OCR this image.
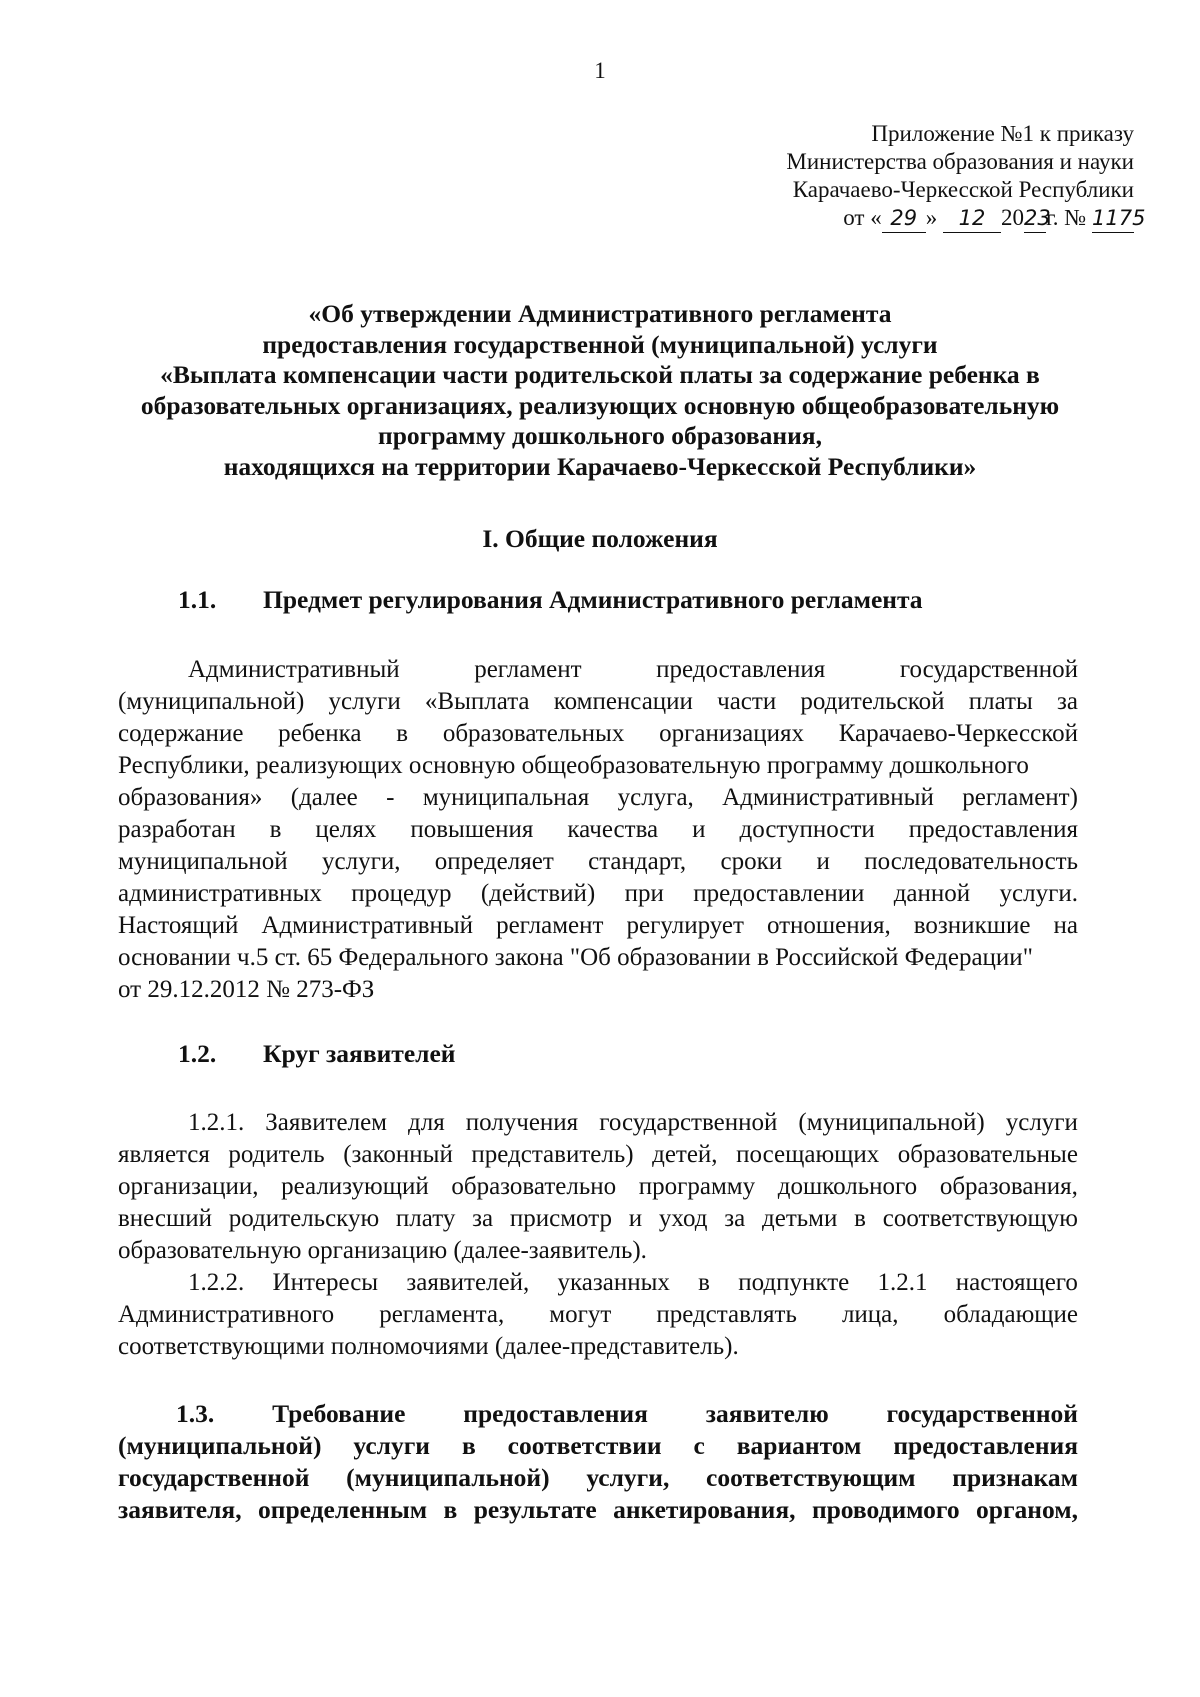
1
Приложение №1 к приказу
Министерства образования и науки
Карачаево-Черкесской Республики
от « 29 » 12 2023г. № 1175
«Об утверждении Административного регламента
предоставления государственной (муниципальной) услуги
«Выплата компенсации части родительской платы за содержание ребенка в
образовательных организациях, реализующих основную общеобразовательную
программу дошкольного образования,
находящихся на территории Карачаево-Черкесской Республики»
I. Общие положения
1.1. Предмет регулирования Административного регламента
Административный	регламент	предоставления	государственной
(муниципальной) услуги «Выплата компенсации части родительской платы за
содержание ребенка в образовательных организациях Карачаево-Черкесской
Республики, реализующих основную общеобразовательную программу дошкольного
образования» (далее - муниципальная услуга, Административный регламент)
разработан в целях повышения качества и доступности предоставления
муниципальной услуги, определяет стандарт, сроки и последовательность
административных процедур (действий) при предоставлении данной услуги.
Настоящий Административный регламент регулирует отношения, возникшие на
основании ч.5 ст. 65 Федерального закона "Об образовании в Российской Федерации"
от 29.12.2012 № 273-ФЗ
1.2. Круг заявителей
1.2.1. Заявителем для получения государственной (муниципальной) услуги
является родитель (законный представитель) детей, посещающих образовательные
организации, реализующий образовательно программу дошкольного образования,
внесший родительскую плату за присмотр и уход за детьми в соответствующую
образовательную организацию (далее-заявитель).
1.2.2. Интересы заявителей, указанных в подпункте 1.2.1 настоящего
Административного регламента, могут представлять лица, обладающие
соответствующими полномочиями (далее-представитель).
1.3. Требование предоставления заявителю государственной
(муниципальной) услуги в соответствии с вариантом предоставления
государственной (муниципальной) услуги, соответствующим признакам
заявителя, определенным в результате анкетирования, проводимого органом,
